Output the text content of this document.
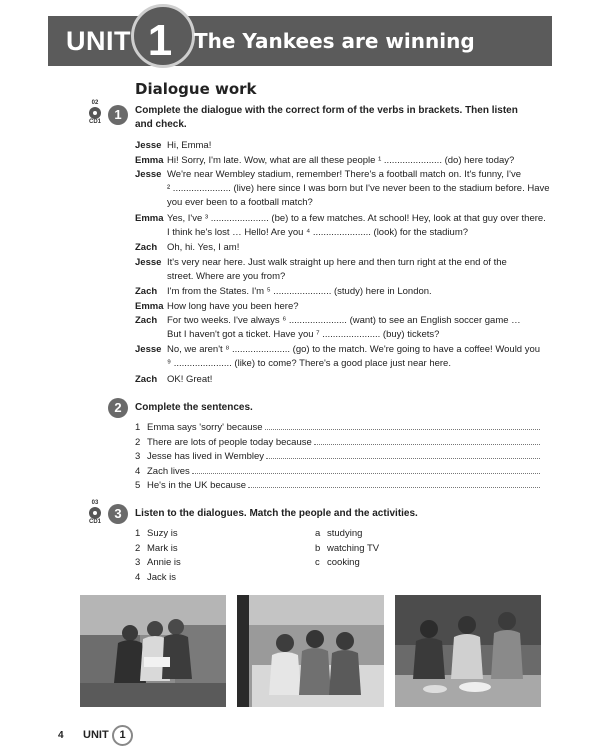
UNIT 1	The Yankees are winning
Dialogue work
02
CD1	1	Complete the dialogue with the correct form of the verbs in brackets. Then listen and check.
Jesse Hi, Emma!
Emma Hi! Sorry, I'm late. Wow, what are all these people ¹ ...................... (do) here today?
Jesse We're near Wembley stadium, remember! There's a football match on. It's funny, I've
² ...................... (live) here since I was born but I've never been to the stadium before. Have
you ever been to a football match?
Emma Yes, I've ³ ...................... (be) to a few matches. At school! Hey, look at that guy over there.
I think he's lost … Hello! Are you ⁴ ...................... (look) for the stadium?
Zach Oh, hi. Yes, I am!
Jesse It's very near here. Just walk straight up here and then turn right at the end of the
street. Where are you from?
Zach I'm from the States. I'm ⁵ ...................... (study) here in London.
Emma How long have you been here?
Zach For two weeks. I've always ⁶ ...................... (want) to see an English soccer game …
But I haven't got a ticket. Have you ⁷ ...................... (buy) tickets?
Jesse No, we aren't ⁸ ...................... (go) to the match. We're going to have a coffee! Would you
⁹ ...................... (like) to come? There's a good place just near here.
Zach OK! Great!
2	Complete the sentences.
1 Emma says 'sorry' because
2 There are lots of people today because
3 Jesse has lived in Wembley
4 Zach lives
5 He's in the UK because
03
CD1
3	Listen to the dialogues. Match the people and the activities.
1 Suzy is
2 Mark is
3 Annie is
4 Jack is
a studying
b watching TV
c cooking
4 UNIT 1
